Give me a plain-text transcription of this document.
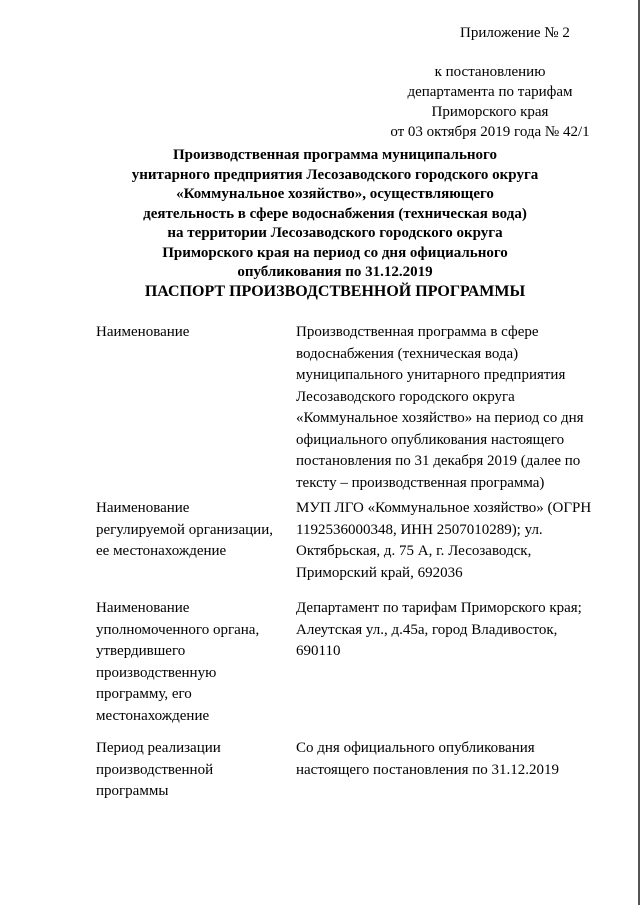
Приложение № 2
к постановлению
департамента по тарифам
Приморского края
от 03 октября 2019 года № 42/1
Производственная программа муниципального
унитарного предприятия Лесозаводского городского округа
«Коммунальное хозяйство», осуществляющего
деятельность в сфере водоснабжения (техническая вода)
на территории Лесозаводского городского округа
Приморского края на период со дня официального
опубликования по 31.12.2019
ПАСПОРТ ПРОИЗВОДСТВЕННОЙ ПРОГРАММЫ
Наименование	Производственная программа в сфере
водоснабжения (техническая вода)
муниципального унитарного предприятия
Лесозаводского городского округа
«Коммунальное хозяйство» на период со дня
официального опубликования настоящего
постановления по 31 декабря 2019 (далее по
тексту – производственная программа)
Наименование
регулируемой организации,
ее местонахождение
МУП ЛГО «Коммунальное хозяйство» (ОГРН
1192536000348, ИНН 2507010289); ул.
Октябрьская, д. 75 А, г. Лесозаводск,
Приморский край, 692036
Наименование
уполномоченного органа,
утвердившего
производственную
программу, его
местонахождение
Департамент по тарифам Приморского края;
Алеутская ул., д.45а, город Владивосток,
690110
Период реализации
производственной
программы
Со дня официального опубликования
настоящего постановления по 31.12.2019
